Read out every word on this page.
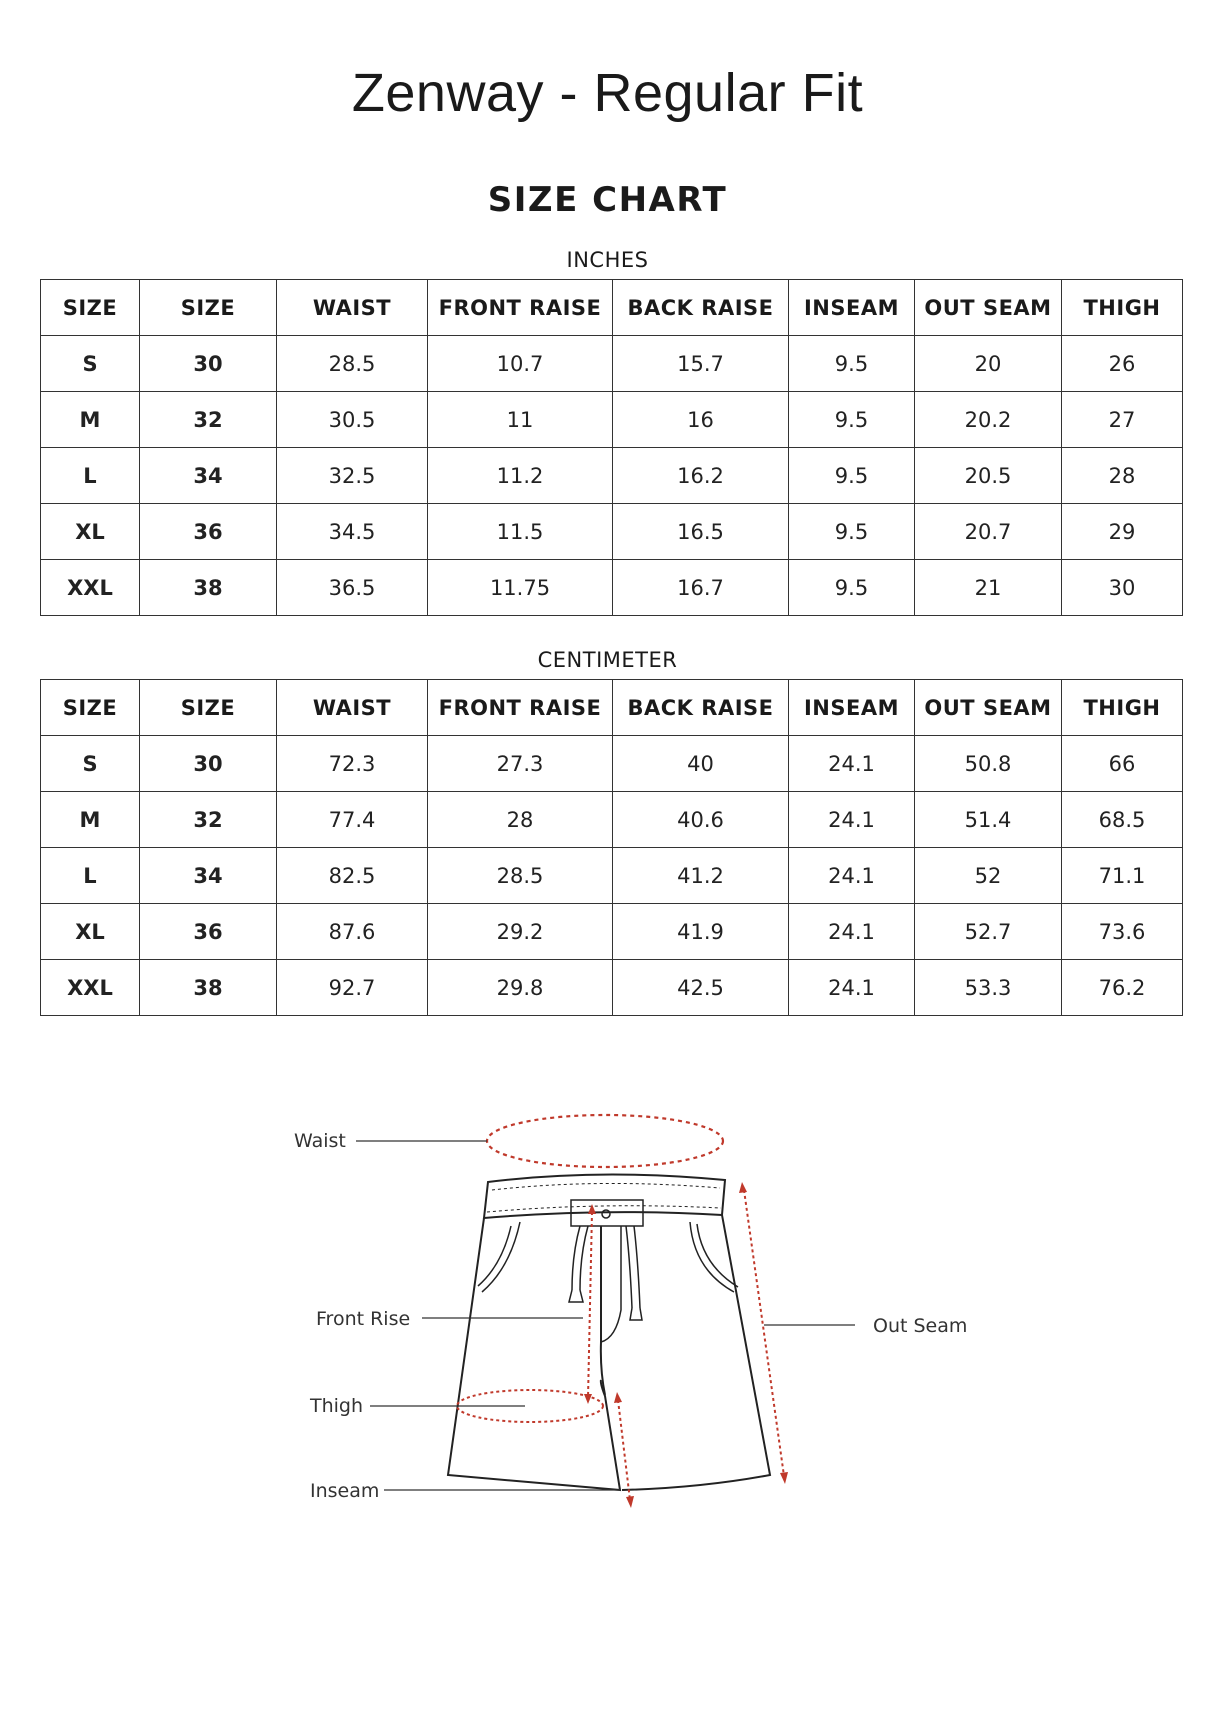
Zenway - Regular Fit
SIZE CHART
INCHES
SIZE	SIZE	WAIST	FRONT RAISE	BACK RAISE	INSEAM	OUT SEAM	THIGH
S	30	28.5	10.7	15.7	9.5	20	26
M	32	30.5	11	16	9.5	20.2	27
L	34	32.5	11.2	16.2	9.5	20.5	28
XL	36	34.5	11.5	16.5	9.5	20.7	29
XXL	38	36.5	11.75	16.7	9.5	21	30
CENTIMETER
SIZE	SIZE	WAIST	FRONT RAISE	BACK RAISE	INSEAM	OUT SEAM	THIGH
S	30	72.3	27.3	40	24.1	50.8	66
M	32	77.4	28	40.6	24.1	51.4	68.5
L	34	82.5	28.5	41.2	24.1	52	71.1
XL	36	87.6	29.2	41.9	24.1	52.7	73.6
XXL	38	92.7	29.8	42.5	24.1	53.3	76.2
Waist
Front Rise	Out Seam
Thigh
Inseam
